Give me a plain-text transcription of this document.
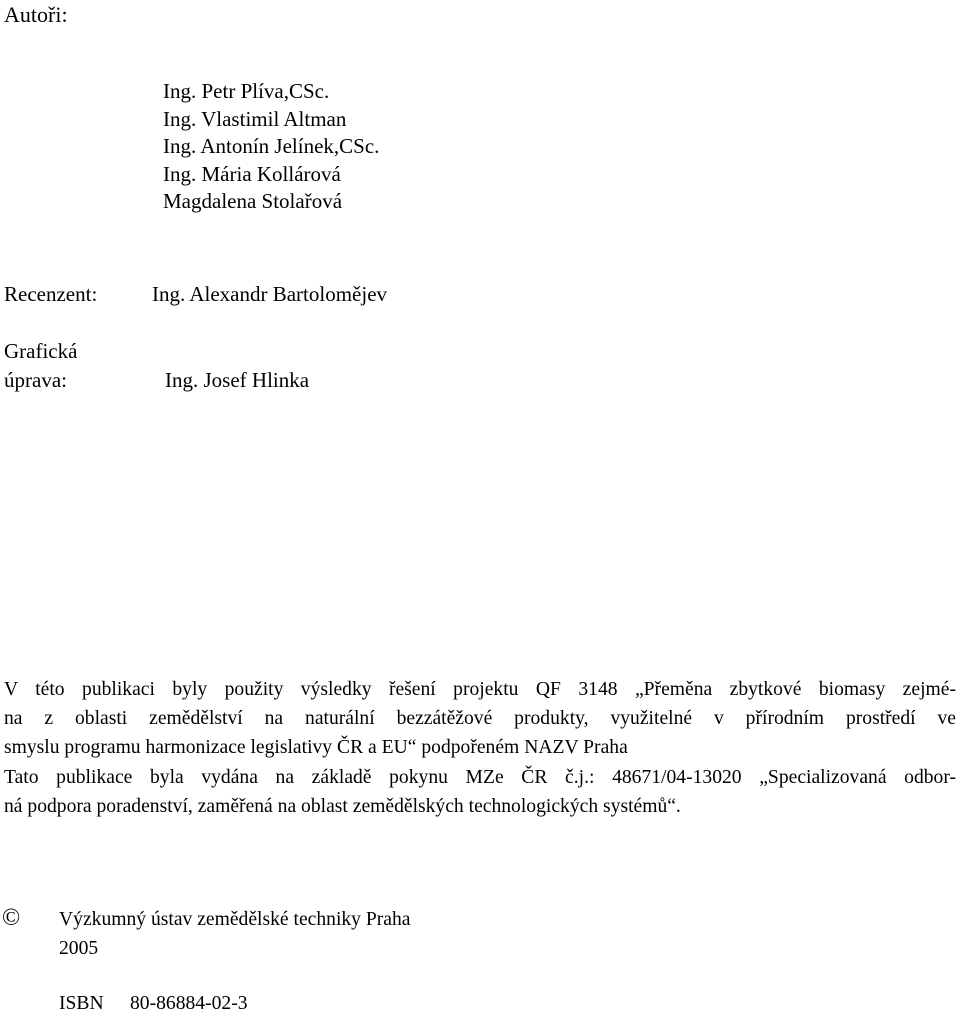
Autoři:
Ing. Petr Plíva,CSc.
Ing. Vlastimil Altman
Ing. Antonín Jelínek,CSc.
Ing. Mária Kollárová
Magdalena Stolařová
Recenzent:	Ing. Alexandr Bartolomějev
Grafická
úprava:	Ing. Josef Hlinka
V této publikaci byly použity výsledky řešení projektu QF 3148 „Přeměna zbytkové biomasy zejmé-
na z oblasti zemědělství na naturální bezzátěžové produkty, využitelné v přírodním prostředí ve
smyslu programu harmonizace legislativy ČR a EU“ podpořeném NAZV Praha
Tato publikace byla vydána na základě pokynu MZe ČR č.j.: 48671/04-13020 „Specializovaná odbor-
ná podpora poradenství, zaměřená na oblast zemědělských technologických systémů“.
© Výzkumný ústav zemědělské techniky Praha
2005
ISBN 80-86884-02-3
